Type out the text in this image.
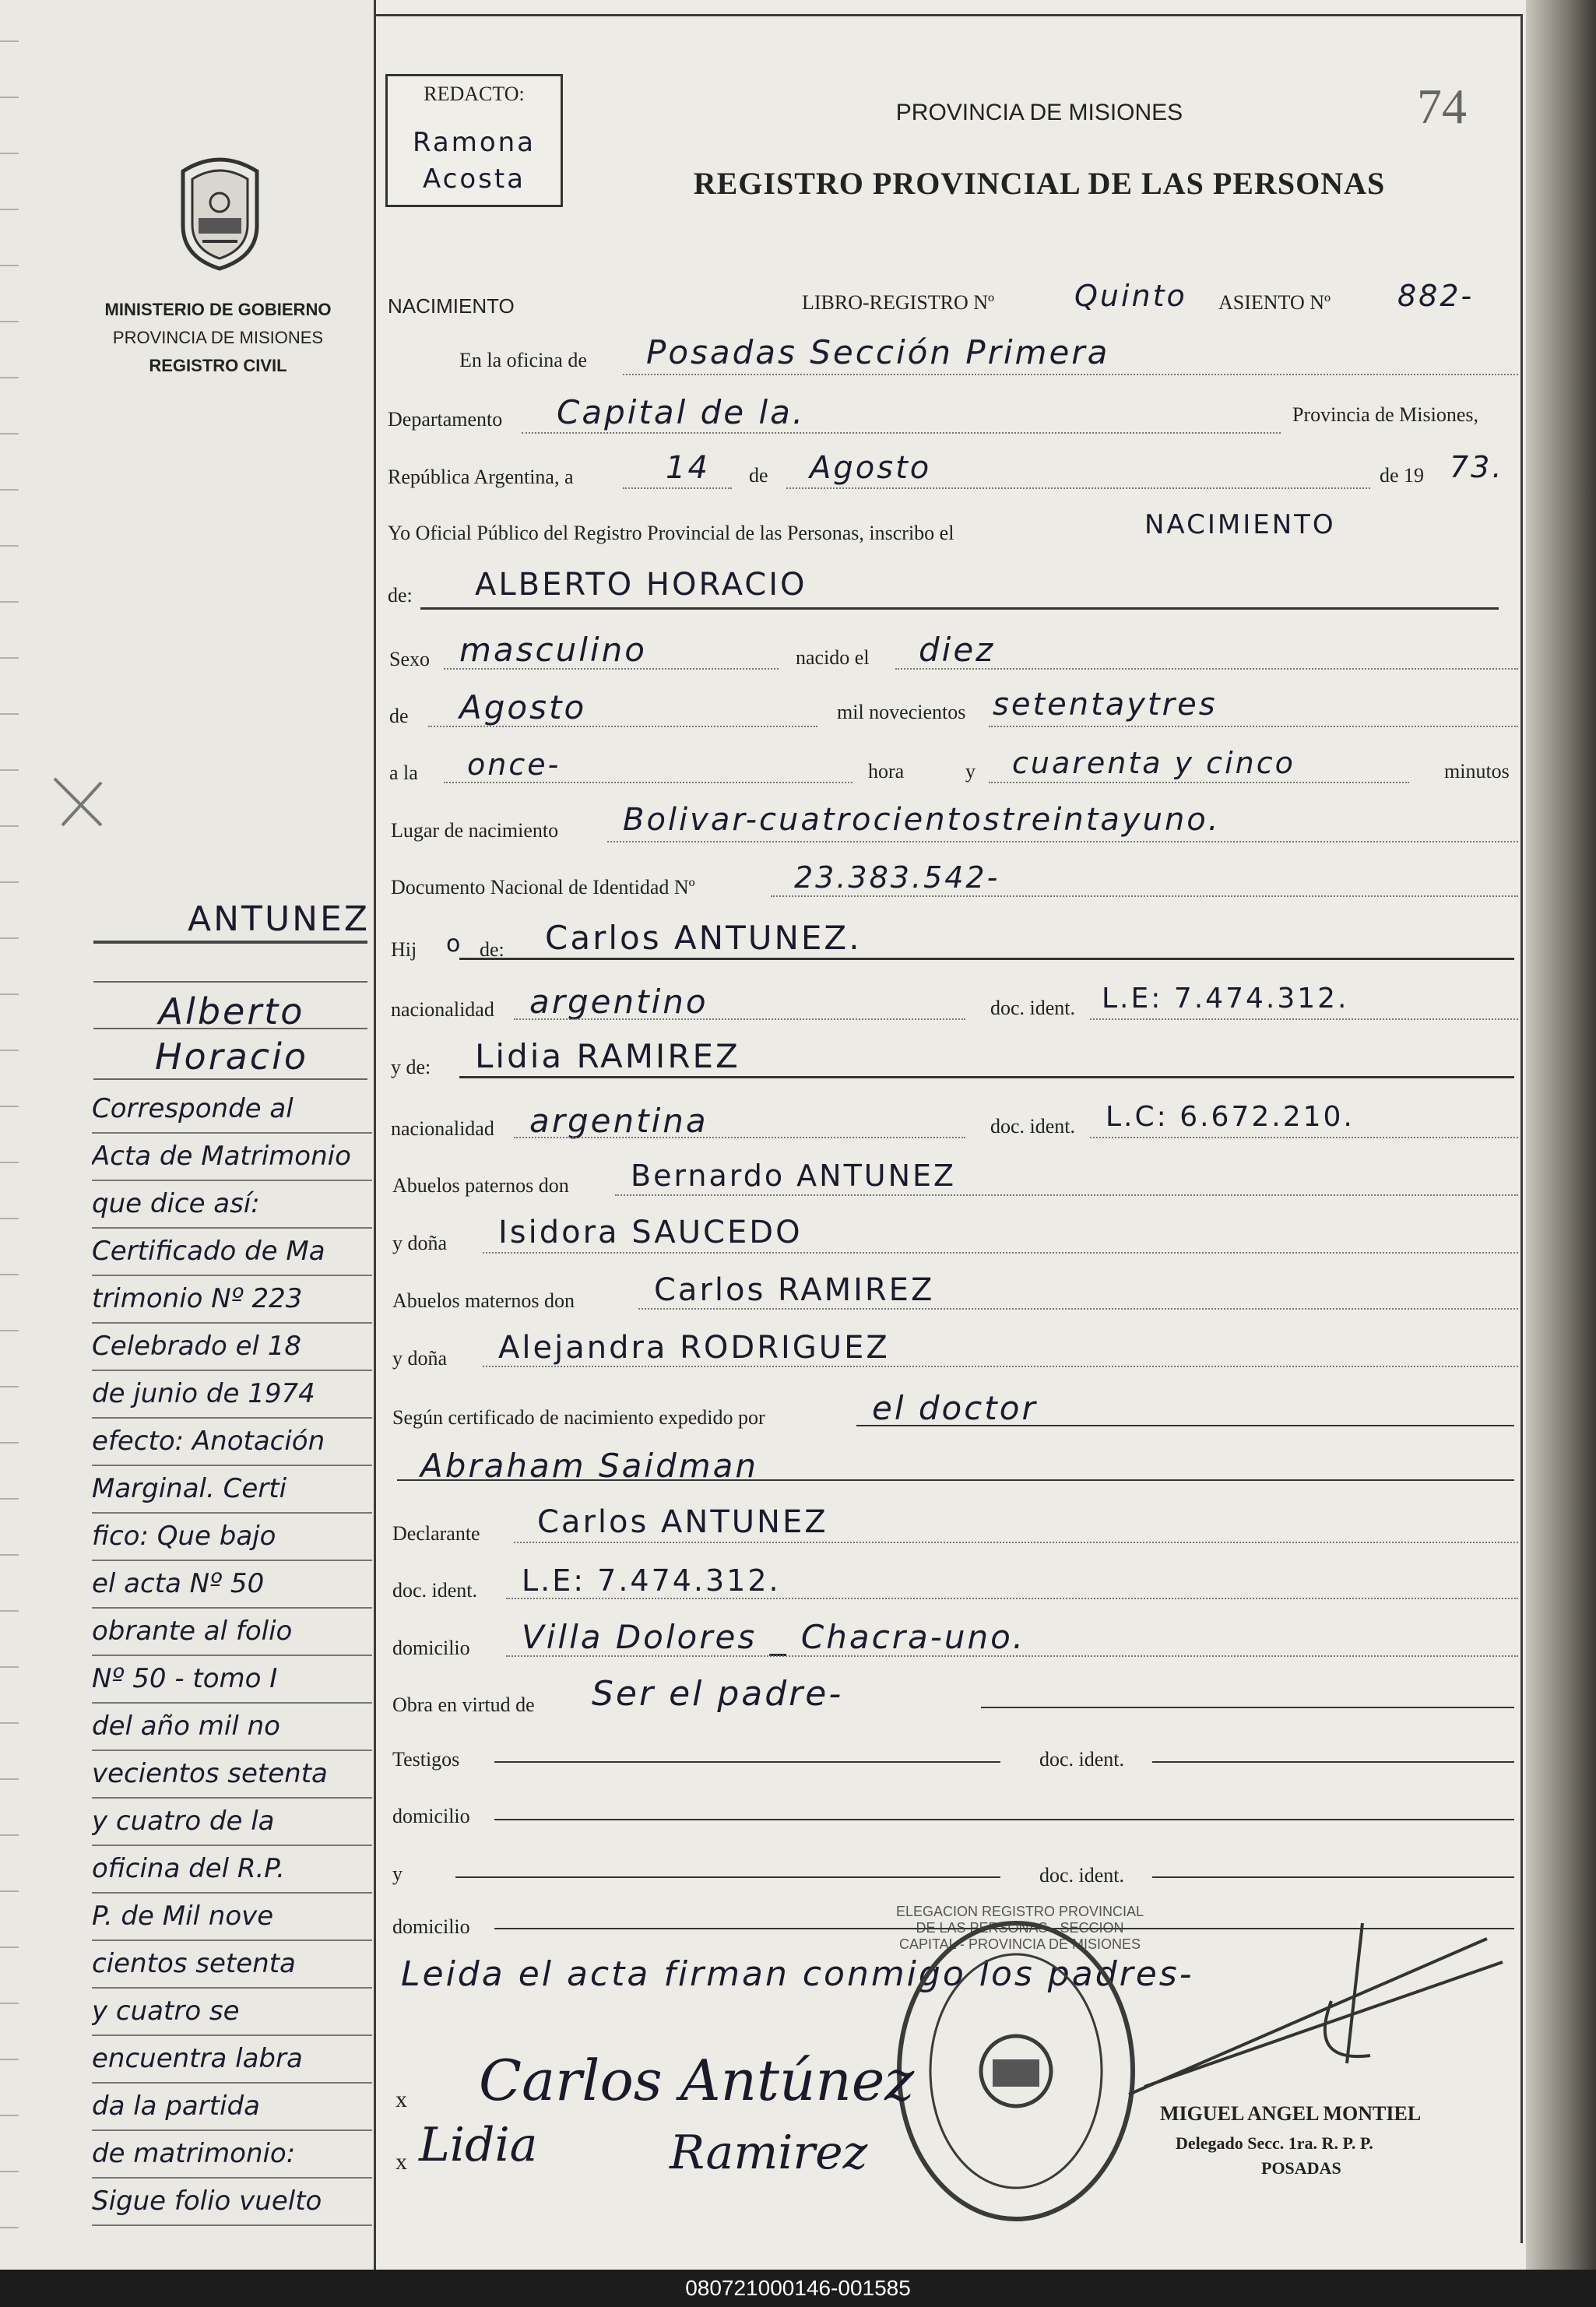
MINISTERIO DE GOBIERNO
PROVINCIA DE MISIONES
REGISTRO CIVIL
ANTUNEZ
Alberto
Horacio
Corresponde al
Acta de Matrimonio
que dice así:
Certificado de Ma
trimonio Nº 223
Celebrado el 18
de junio de 1974
efecto: Anotación
Marginal. Certi
fico: Que bajo
el acta Nº 50
obrante al folio
Nº 50 - tomo I
del año mil no
vecientos setenta
y cuatro de la
oficina del R.P.
P. de Mil nove
cientos setenta
y cuatro se
encuentra labra
da la partida
de matrimonio:
Sigue folio vuelto
REDACTO:
Ramona
Acosta
74
PROVINCIA DE MISIONES
REGISTRO PROVINCIAL DE LAS PERSONAS
NACIMIENTO	LIBRO-REGISTRO Nº	Quinto ASIENTO Nº 882-
En la oficina de Posadas Sección Primera
Departamento Capital de la.	Provincia de Misiones,
República Argentina, a	14 de Agosto	de 19 73.
Yo Oficial Público del Registro Provincial de las Personas, inscribo el	NACIMIENTO
de: ALBERTO HORACIO
Sexo masculino	nacido el diez
de Agosto	mil novecientos setentaytres
a la once-	hora	y cuarenta y cinco	minutos
Lugar de nacimiento Bolivar-cuatrocientostreintayuno.
Documento Nacional de Identidad Nº	23.383.542-
Hij o de: Carlos ANTUNEZ.
nacionalidad argentino	doc. ident. L.E: 7.474.312.
y de: Lidia RAMIREZ
nacionalidad argentina	doc. ident. L.C: 6.672.210.
Abuelos paternos don Bernardo ANTUNEZ
y doña Isidora SAUCEDO
Abuelos maternos don	Carlos RAMIREZ
y doña Alejandra RODRIGUEZ
Según certificado de nacimiento expedido por	el doctor
Abraham Saidman
Declarante Carlos ANTUNEZ
doc. ident. L.E: 7.474.312.
domicilio Villa Dolores _ Chacra-uno.
Obra en virtud de Ser el padre-
Testigos	doc. ident.
domicilio
y	doc. ident.
domicilio
Leida el acta firman conmigo los padres-
ELEGACION REGISTRO PROVINCIAL DE LAS PERSONAS - SECCION CAPITAL - PROVINCIA DE MISIONES
Carlos Antúnez
Lidia	Ramirez
x
x
MIGUEL ANGEL MONTIEL
Delegado Secc. 1ra. R. P. P.
POSADAS
080721000146-001585
